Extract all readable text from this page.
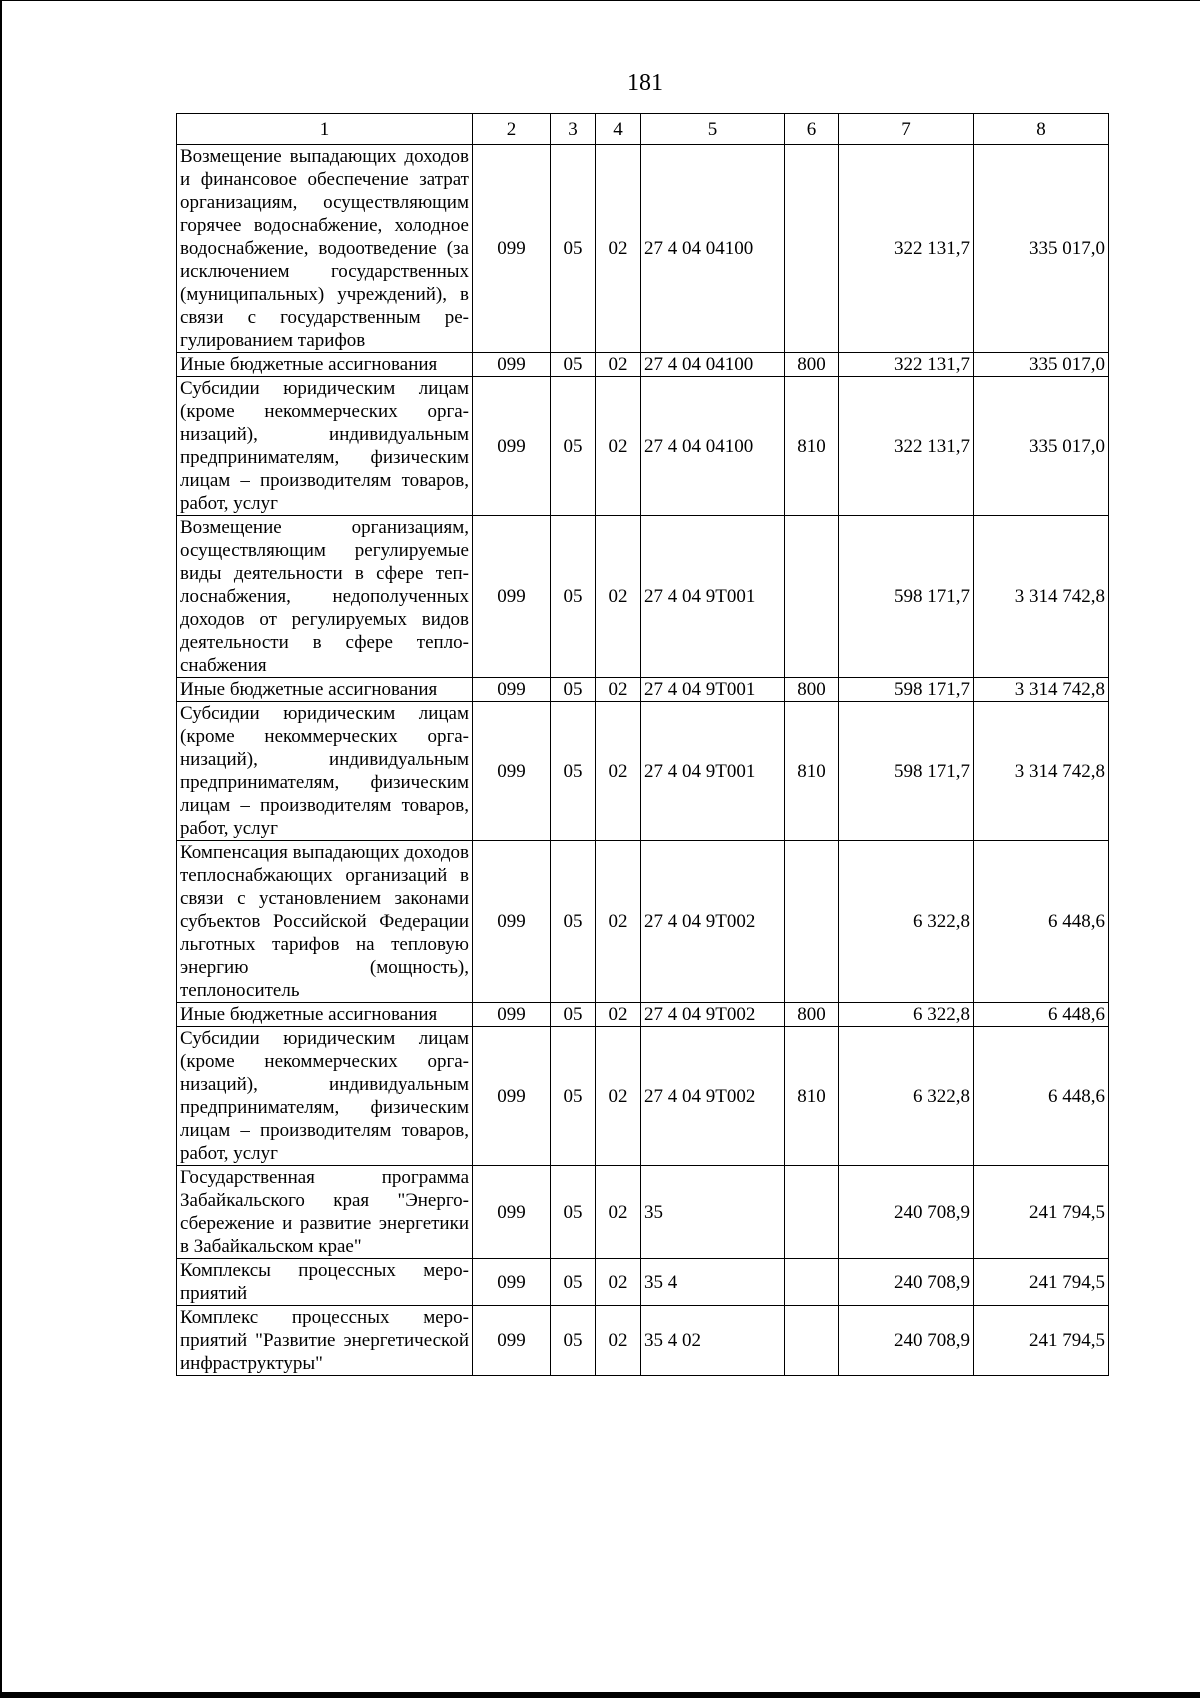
181
1	2	3	4	5	6	7	8
Возмещение выпадающих доходов и финансовое обеспечение затрат организациям, осуществляющим горячее водоснабжение, холодное водоснабжение, водоотведение (за исключением государственных (муниципальных) учреждений), в связи с государственным регулированием тарифов	099	05	02	27 4 04 04100		322 131,7	335 017,0
Иные бюджетные ассигнования	099	05	02	27 4 04 04100	800	322 131,7	335 017,0
Субсидии юридическим лицам (кроме некоммерческих организаций), индивидуальным предпринимателям, физическим лицам – производителям товаров, работ, услуг	099	05	02	27 4 04 04100	810	322 131,7	335 017,0
Возмещение организациям, осуществляющим регулируемые виды деятельности в сфере теплоснабжения, недополученных доходов от регулируемых видов деятельности в сфере теплоснабжения	099	05	02	27 4 04 9Т001		598 171,7	3 314 742,8
Иные бюджетные ассигнования	099	05	02	27 4 04 9Т001	800	598 171,7	3 314 742,8
Субсидии юридическим лицам (кроме некоммерческих организаций), индивидуальным предпринимателям, физическим лицам – производителям товаров, работ, услуг	099	05	02	27 4 04 9Т001	810	598 171,7	3 314 742,8
Компенсация выпадающих доходов теплоснабжающих организаций в связи с установлением законами субъектов Российской Федерации льготных тарифов на тепловую энергию (мощность), теплоноситель	099	05	02	27 4 04 9Т002		6 322,8	6 448,6
Иные бюджетные ассигнования	099	05	02	27 4 04 9Т002	800	6 322,8	6 448,6
Субсидии юридическим лицам (кроме некоммерческих организаций), индивидуальным предпринимателям, физическим лицам – производителям товаров, работ, услуг	099	05	02	27 4 04 9Т002	810	6 322,8	6 448,6
Государственная программа Забайкальского края "Энергосбережение и развитие энергетики в Забайкальском крае"	099	05	02	35		240 708,9	241 794,5
Комплексы процессных мероприятий	099	05	02	35 4		240 708,9	241 794,5
Комплекс процессных мероприятий "Развитие энергетической инфраструктуры"	099	05	02	35 4 02		240 708,9	241 794,5
